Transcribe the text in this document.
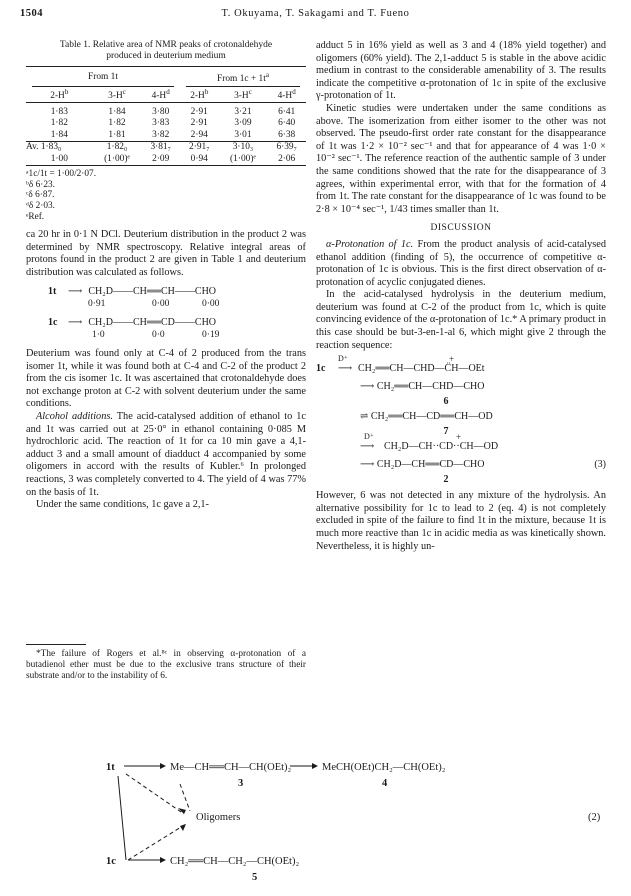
1504	T. Okuyama, T. Sakagami and T. Fueno
Table 1. Relative area of NMR peaks of crotonaldehyde
produced in deuterium medium
From 1t			From $1c + 1t^a$

$2-H^b$	$3-H^c$	$4-H^d$	$2-H^b$	$3-H^c$	$4-H^d$

1·83	1·84	3·80	2·91	3·21	6·41
1·82	1·82	3·83	2·91	3·09	6·40
1·84	1·81	3·82	2·94	3·01	6·38
Av. 1·83₀	1·82₀	3·81₇	2·91₇	3·10₃	6·39₇
1·00	(1·00)ᵉ	2·09	0·94	(1·00)ᵉ	2·06
ᵃ1c/1t = 1·00/2·07.
ᵇδ 6·23.
ᶜδ 6·87.
ᵈδ 2·03.
ᵉRef.

ca 20 hr in 0·1 N DCl. Deuterium distribution in the product 2 was determined by NMR spectroscopy. Relative integral areas of protons found in the product 2 are given in Table 1 and deuterium distribution was calculated as follows.

1t	⟶ CH₂D——CH══CH——CHO
0·91	0·00	0·00
1c	⟶ CH₂D——CH══CD——CHO
1·0	0·0	0·19

Deuterium was found only at C-4 of 2 produced from the trans isomer 1t, while it was found both at C-4 and C-2 of the product 2 from the cis isomer 1c. It was ascertained that crotonaldehyde does not exchange proton at C-2 with solvent deuterium under the same conditions.

Alcohol additions. The acid-catalysed addition of ethanol to 1c and 1t was carried out at 25·0° in ethanol containing 0·085 M hydrochloric acid. The reaction of 1t for ca 10 min gave a 4,1-adduct 3 and a small amount of diadduct 4 accompanied by some oligomers in accord with the results of Kubler.⁶ In prolonged reactions, 3 was completely converted to 4. The yield of 4 was 77% on the basis of 1t.

Under the same conditions, 1c gave a 2,1-

*The failure of Rogers et al.⁸ᶜ in observing α-protonation of a butadienol ether must be due to the exclusive trans structure of their substrate and/or to the instability of 6.

adduct 5 in 16% yield as well as 3 and 4 (18% yield together) and oligomers (60% yield). The 2,1-adduct 5 is stable in the above acidic medium in contrast to the considerable amenability of 3. The results indicate the competitive α-protonation of 1c in spite of the exclusive γ-protonation of 1t.

Kinetic studies were undertaken under the same conditions as above. The isomerization from either isomer to the other was not observed. The pseudo-first order rate constant for the disappearance of 1t was 1·2 × 10⁻² sec⁻¹ and that for appearance of 4 was 1·0 × 10⁻² sec⁻¹. The reference reaction of the authentic sample of 3 under the same conditions showed that the rate for the disappearance of 3 agrees, within experimental error, with that for the formation of 4 from 1t. The rate constant for the disappearance of 1c was found to be 2·8 × 10⁻⁴ sec⁻¹, 1/43 times smaller than 1t.

DISCUSSION

α-Protonation of 1c. From the product analysis of acid-catalysed ethanol addition (finding of 5), the occurrence of competitive α-protonation of 1c is obvious. This is the first direct observation of α-protonation of acyclic conjugated dienes.

In the acid-catalysed hydrolysis in the deuterium medium, deuterium was found at C-2 of the product from 1c, which is quite convincing evidence of the α-protonation of 1c.* A primary product in this case should be but-3-en-1-al 6, which might give 2 through the reaction sequence:

1c
D⁺
⟶
+
CH₂══CH—CHD—C̈H—OEt
⟶ CH₂══CH—CHD—CHO
6
⇌ CH₂══CH—CD══CH—OD
7
D⁺
⟶
+
CH₂D—CH··CD··CH—OD
⟶ CH₂D—CH══CD—CHO	(3)
2

However, 6 was not detected in any mixture of the hydrolysis. An alternative possibility for 1c to lead to 2 (eq. 4) is not completely excluded in spite of the failure to find 1t in the mixture, because 1t is much more reactive than 1c in acidic media as was kinetically shown. Nevertheless, it is highly un-

1t	Me—CH══CH—CH(OEt)₂
3
MeCH(OEt)CH₂—CH(OEt)₂
4
Oligomers	(2)
1c	CH₂══CH—CH₂—CH(OEt)₂
5
